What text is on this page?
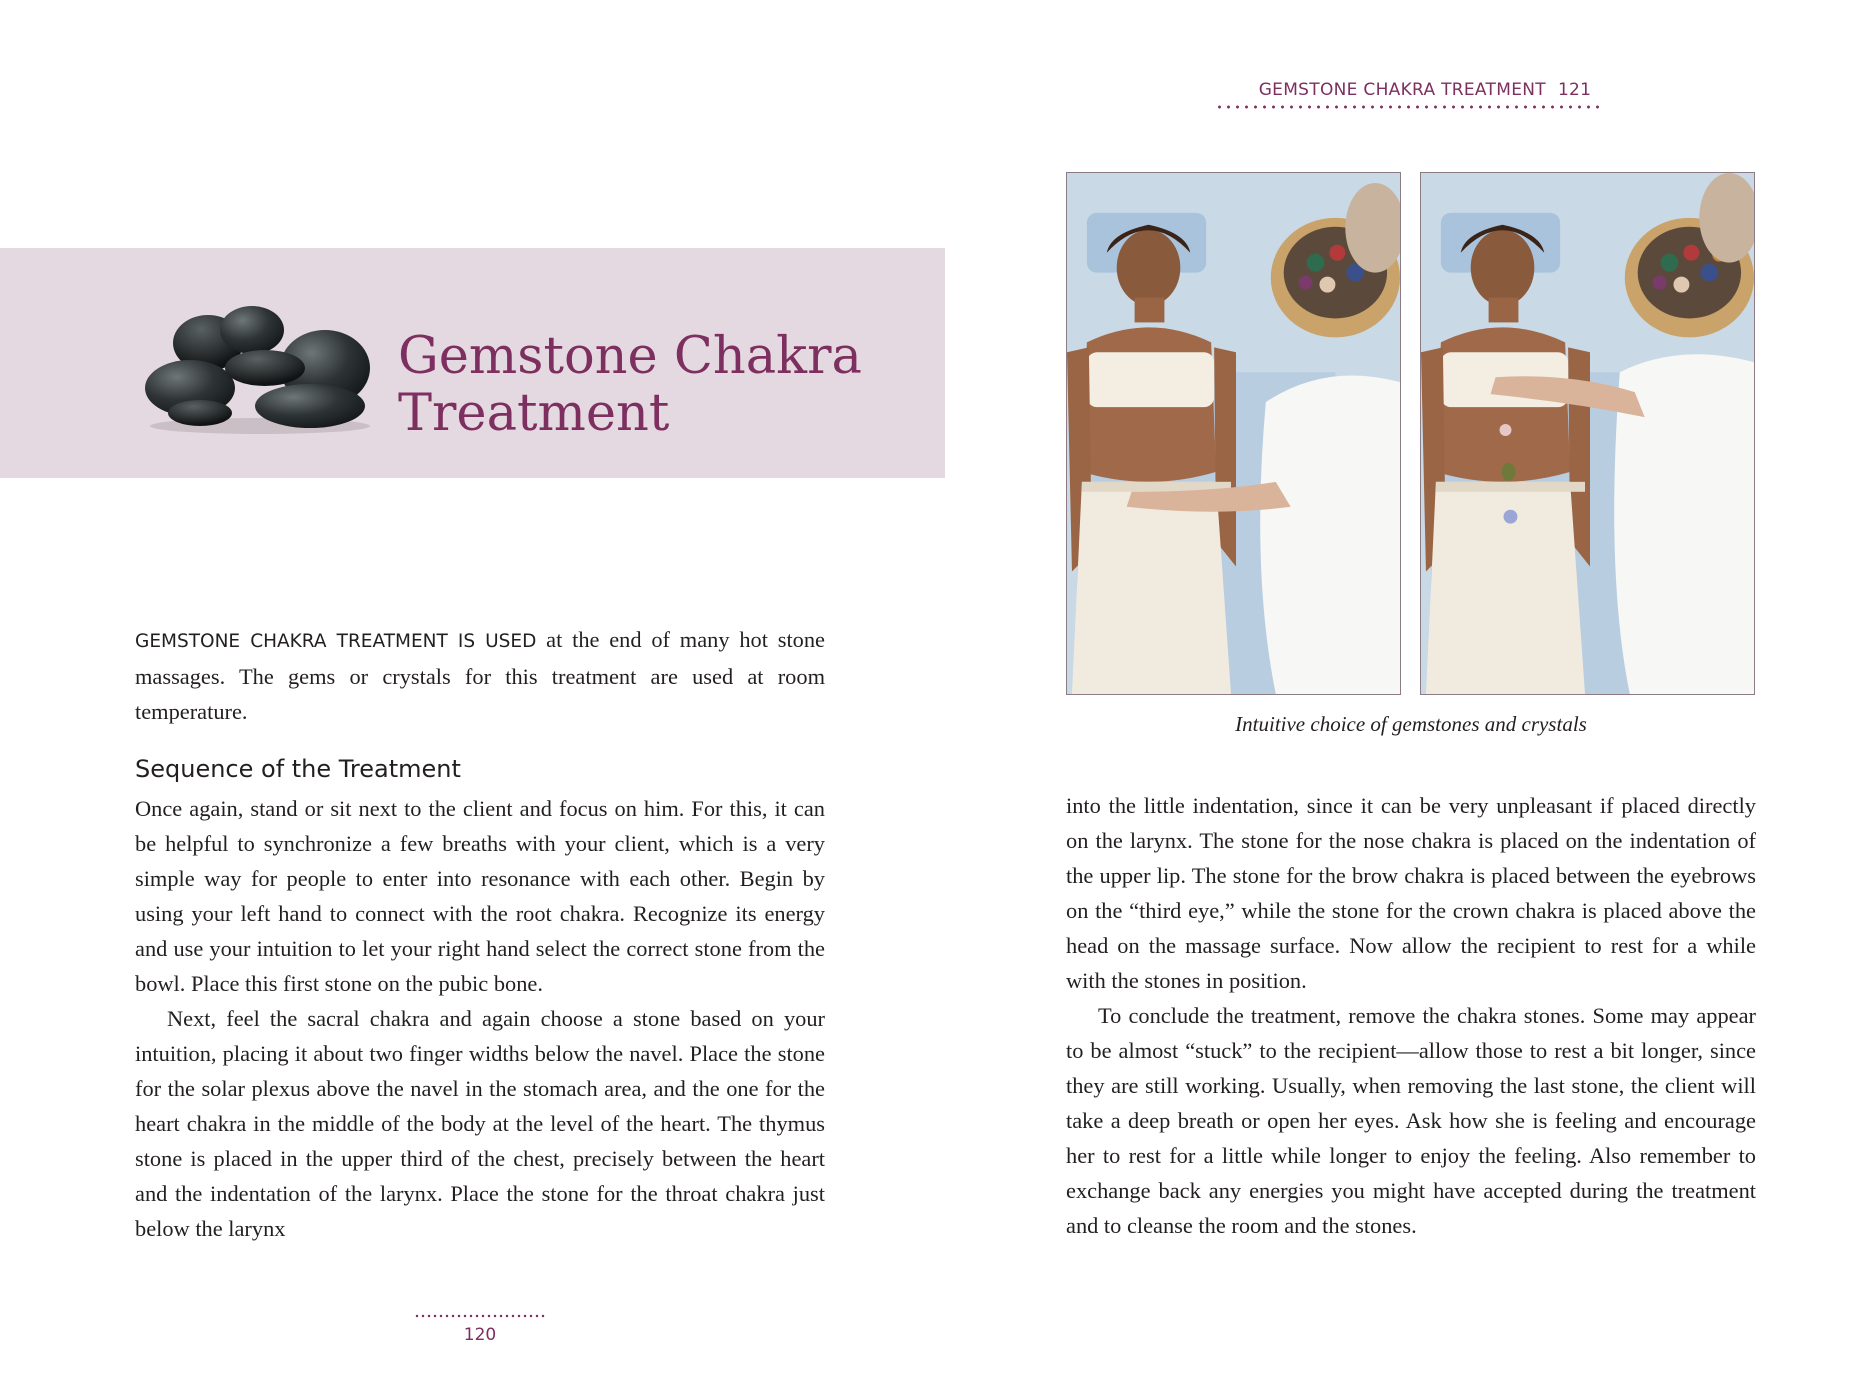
GEMSTONE CHAKRA TREATMENT 121
Gemstone Chakra Treatment

GEMSTONE CHAKRA TREATMENT IS USED at the end of many hot stone massages. The gems or crystals for this treatment are used at room temperature.

Sequence of the Treatment

Once again, stand or sit next to the client and focus on him. For this, it can be helpful to synchronize a few breaths with your client, which is a very simple way for people to enter into resonance with each other. Begin by using your left hand to connect with the root chakra. Recognize its energy and use your intuition to let your right hand select the correct stone from the bowl. Place this first stone on the pubic bone.

Next, feel the sacral chakra and again choose a stone based on your intuition, placing it about two finger widths below the navel. Place the stone for the solar plexus above the navel in the stomach area, and the one for the heart chakra in the middle of the body at the level of the heart. The thymus stone is placed in the upper third of the chest, precisely between the heart and the indentation of the larynx. Place the stone for the throat chakra just below the larynx

Intuitive choice of gemstones and crystals

into the little indentation, since it can be very unpleasant if placed directly on the larynx. The stone for the nose chakra is placed on the indentation of the upper lip. The stone for the brow chakra is placed between the eyebrows on the “third eye,” while the stone for the crown chakra is placed above the head on the massage surface. Now allow the recipient to rest for a while with the stones in position.

To conclude the treatment, remove the chakra stones. Some may appear to be almost “stuck” to the recipient—allow those to rest a bit longer, since they are still working. Usually, when removing the last stone, the client will take a deep breath or open her eyes. Ask how she is feeling and encourage her to rest for a little while longer to enjoy the feeling. Also remember to exchange back any energies you might have accepted during the treatment and to cleanse the room and the stones.

120
